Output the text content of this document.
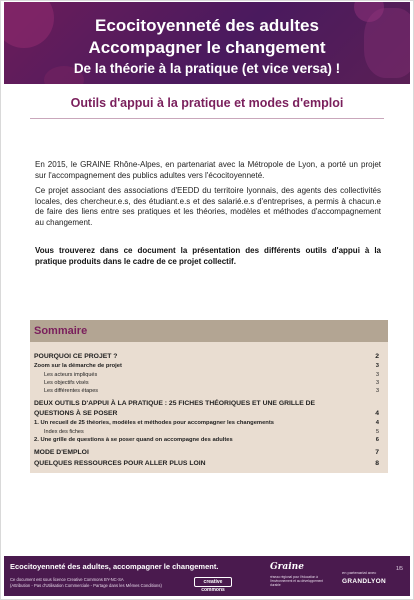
Ecocitoyenneté des adultes
Accompagner le changement
De la théorie à la pratique (et vice versa) !
Outils d'appui à la pratique et modes d'emploi
En 2015, le GRAINE Rhône-Alpes, en partenariat avec la Métropole de Lyon, a porté un projet sur l'accompagnement des publics adultes vers l'écocitoyenneté.
Ce projet associant des associations d'EEDD du territoire lyonnais, des agents des collectivités locales, des chercheur.e.s, des étudiant.e.s et des salarié.e.s d'entreprises, a permis à chacun.e de faire des liens entre ses pratiques et les théories, modèles et méthodes d'accompagnement au changement.
Vous trouverez dans ce document la présentation des différents outils d'appui à la pratique produits dans le cadre de ce projet collectif.
Sommaire
POURQUOI CE PROJET ?	2
Zoom sur la démarche de projet	3
Les acteurs impliqués	3
Les objectifs visés	3
Les différentes étapes	3
DEUX OUTILS D'APPUI À LA PRATIQUE : 25 FICHES THÉORIQUES ET UNE GRILLE DE
QUESTIONS À SE POSER	4
1. Un recueil de 25 théories, modèles et méthodes pour accompagner les changements	4
Index des fiches	5
2. Une grille de questions à se poser quand on accompagne des adultes	6
MODE D'EMPLOI	7
QUELQUES RESSOURCES POUR ALLER PLUS LOIN	8
Ecocitoyenneté des adultes, accompagner le changement.
Ce document est sous licence Creative Commons BY-NC-SA
(Attribution - Pas d'Utilisation Commerciale - Partage dans les Mêmes Conditions)
creative commons
Graine
réseau régional pour l'éducation à l'environnement et au développement durable
en partenariat avec
GRANDLYON
1/5
